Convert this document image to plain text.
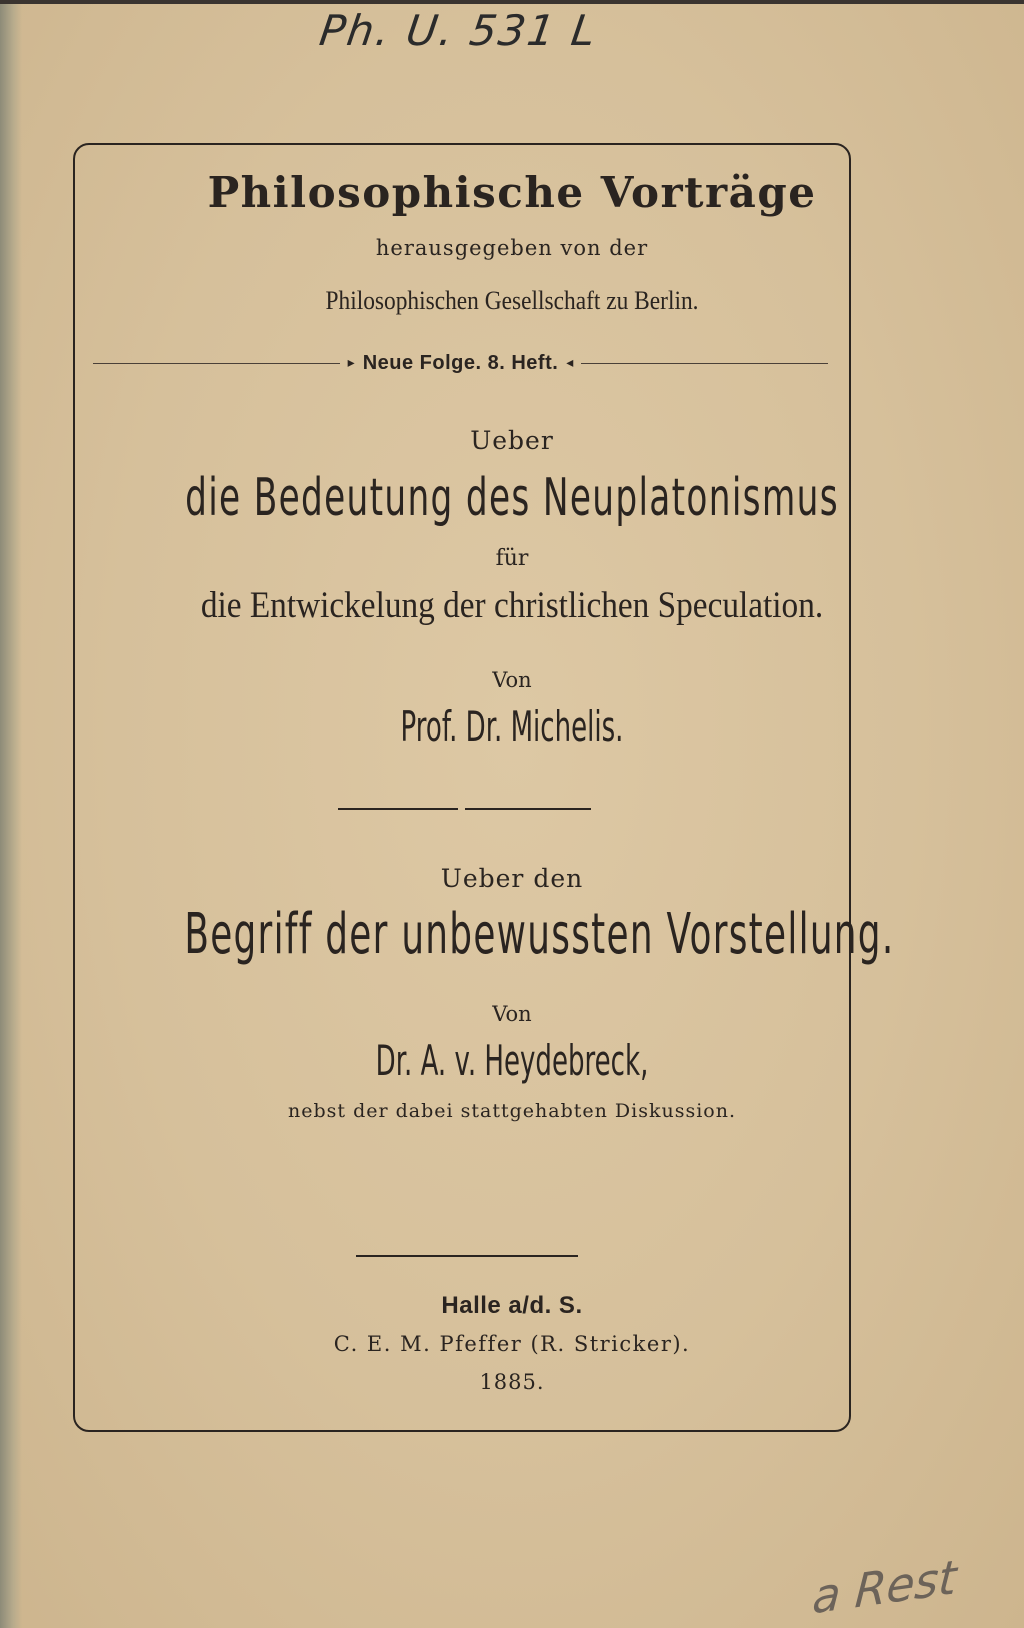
Ph. U. 531 L
Philosophische Vorträge
herausgegeben von der
Philosophischen Gesellschaft zu Berlin.
▸ Neue Folge. 8. Heft. ◂
Ueber
die Bedeutung des Neuplatonismus
für
die Entwickelung der christlichen Speculation.
Von
Prof. Dr. Michelis.
Ueber den
Begriff der unbewussten Vorstellung.
Von
Dr. A. v. Heydebreck,
nebst der dabei stattgehabten Diskussion.
Halle a/d. S.
C. E. M. Pfeffer (R. Stricker).
1885.
a Rest
